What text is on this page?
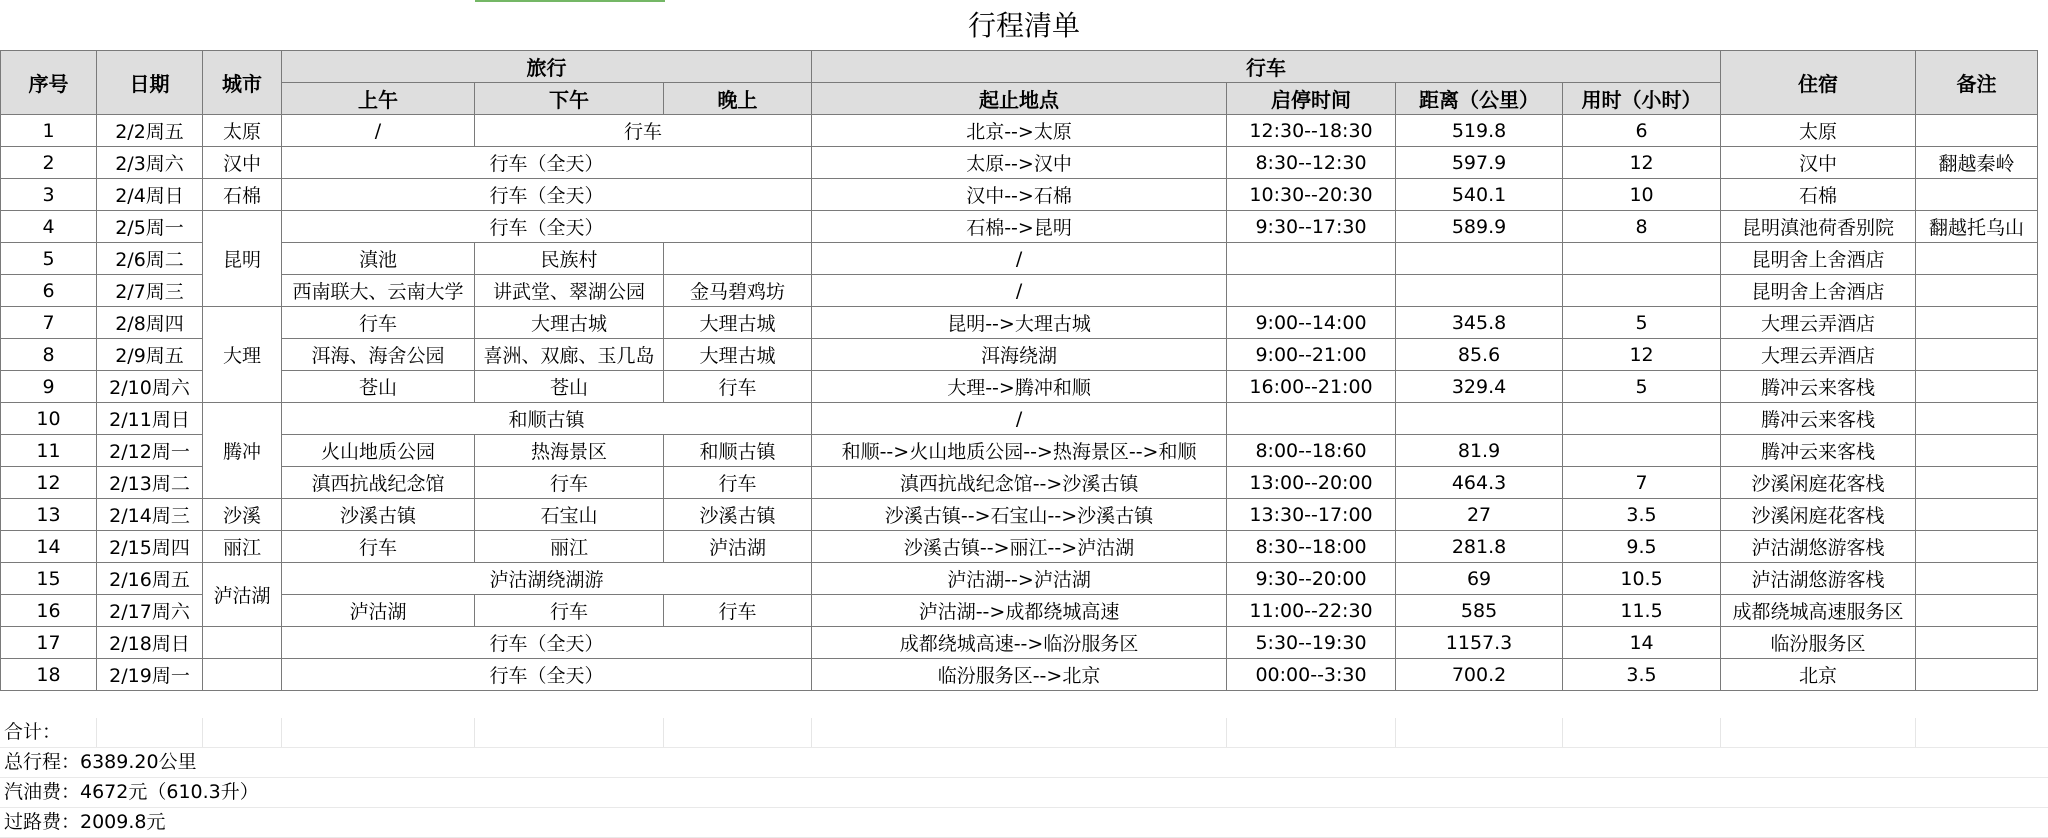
行程清单
序号	日期	城市	旅行			行车				住宿	备注
			上午	下午	晚上	起止地点	启停时间	距离（公里）	用时（小时）		
1	2/2周五	太原	/	行车		北京-->太原	12:30--18:30	519.8	6	太原	
2	2/3周六	汉中	行车（全天）			太原-->汉中	8:30--12:30	597.9	12	汉中	翻越秦岭
3	2/4周日	石棉	行车（全天）			汉中-->石棉	10:30--20:30	540.1	10	石棉	
4	2/5周一	昆明	行车（全天）			石棉-->昆明	9:30--17:30	589.9	8	昆明滇池荷香别院	翻越托乌山
5	2/6周二		滇池	民族村		/				昆明舍上舍酒店	
6	2/7周三		西南联大、云南大学	讲武堂、翠湖公园	金马碧鸡坊	/				昆明舍上舍酒店	
7	2/8周四	大理	行车	大理古城	大理古城	昆明-->大理古城	9:00--14:00	345.8	5	大理云弄酒店	
8	2/9周五		洱海、海舍公园	喜洲、双廊、玉几岛	大理古城	洱海绕湖	9:00--21:00	85.6	12	大理云弄酒店	
9	2/10周六		苍山	苍山	行车	大理-->腾冲和顺	16:00--21:00	329.4	5	腾冲云来客栈	
10	2/11周日	腾冲	和顺古镇			/				腾冲云来客栈	
11	2/12周一		火山地质公园	热海景区	和顺古镇	和顺-->火山地质公园-->热海景区-->和顺	8:00--18:60	81.9		腾冲云来客栈	
12	2/13周二		滇西抗战纪念馆	行车	行车	滇西抗战纪念馆-->沙溪古镇	13:00--20:00	464.3	7	沙溪闲庭花客栈	
13	2/14周三	沙溪	沙溪古镇	石宝山	沙溪古镇	沙溪古镇-->石宝山-->沙溪古镇	13:30--17:00	27	3.5	沙溪闲庭花客栈	
14	2/15周四	丽江	行车	丽江	泸沽湖	沙溪古镇-->丽江-->泸沽湖	8:30--18:00	281.8	9.5	泸沽湖悠游客栈	
15	2/16周五	泸沽湖	泸沽湖绕湖游			泸沽湖-->泸沽湖	9:30--20:00	69	10.5	泸沽湖悠游客栈	
16	2/17周六		泸沽湖	行车	行车	泸沽湖-->成都绕城高速	11:00--22:30	585	11.5	成都绕城高速服务区	
17	2/18周日		行车（全天）			成都绕城高速-->临汾服务区	5:30--19:30	1157.3	14	临汾服务区	
18	2/19周一		行车（全天）			临汾服务区-->北京	00:00--3:30	700.2	3.5	北京	
合计：
总行程：6389.20公里
汽油费：4672元（610.3升）
过路费：2009.8元
